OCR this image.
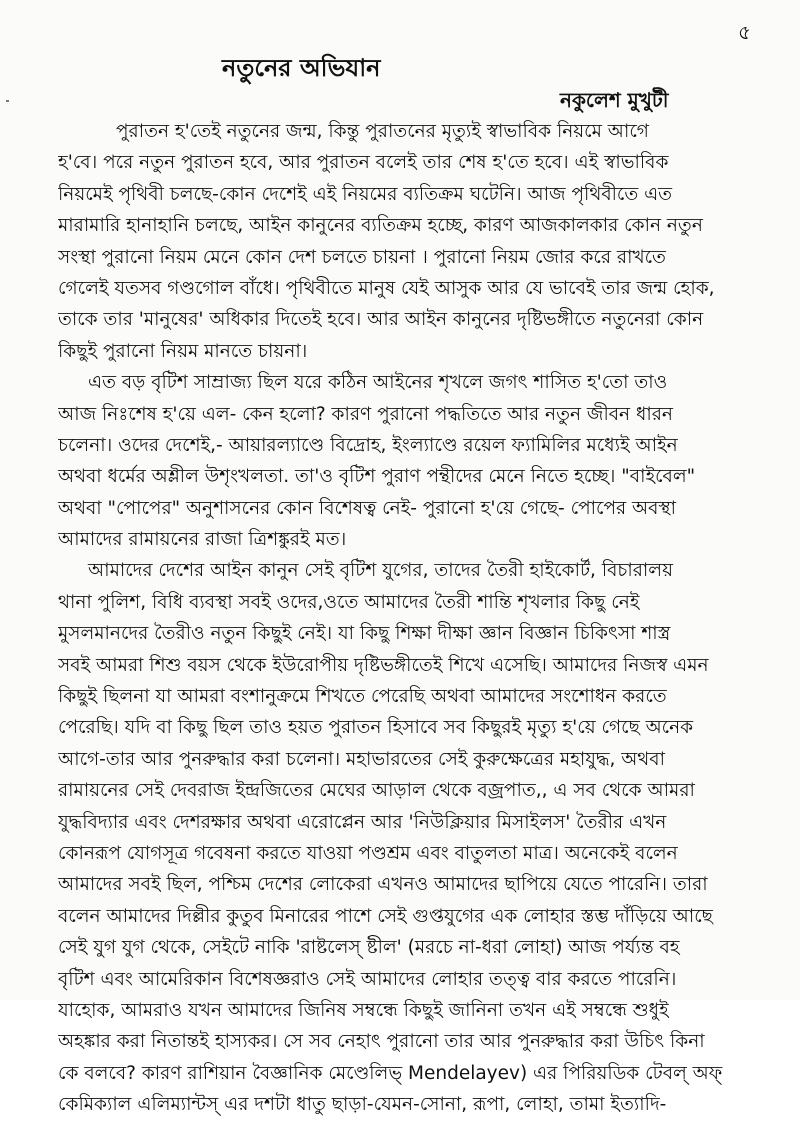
৫
নতুনের অভিযান
নকুলেশ মুখুটী
পুরাতন হ'তেই নতুনের জন্ম, কিন্তু পুরাতনের মৃত্যুই স্বাভাবিক নিয়মে আগে
হ'বে। পরে নতুন পুরাতন হবে, আর পুরাতন বলেই তার শেষ হ'তে হবে। এই স্বাভাবিক
নিয়মেই পৃথিবী চলছে-কোন দেশেই এই নিয়মের ব্যতিক্রম ঘটেনি। আজ পৃথিবীতে এত
মারামারি হানাহানি চলছে, আইন কানুনের ব্যতিক্রম হচ্ছে, কারণ আজকালকার কোন নতুন
সংস্থা পুরানো নিয়ম মেনে কোন দেশ চলতে চায়না । পুরানো নিয়ম জোর করে রাখতে
গেলেই যতসব গণ্ডগোল বাঁধে। পৃথিবীতে মানুষ যেই আসুক আর যে ভাবেই তার জন্ম হোক,
তাকে তার 'মানুষের' অধিকার দিতেই হবে। আর আইন কানুনের দৃষ্টিভঙ্গীতে নতুনেরা কোন
কিছুই পুরানো নিয়ম মানতে চায়না।
এত বড় বৃটিশ সাম্রাজ্য ছিল যরে কঠিন আইনের শৃখলে জগৎ শাসিত হ'তো তাও
আজ নিঃশেষ হ'য়ে এল- কেন হলো? কারণ পুরানো পদ্ধতিতে আর নতুন জীবন ধারন
চলেনা। ওদের দেশেই,- আয়ারল্যাণ্ডে বিদ্রোহ, ইংল্যাণ্ডে রয়েল ফ্যামিলির মধ্যেই আইন
অথবা ধর্মের অশ্লীল উশৃংখলতা. তা'ও বৃটিশ পুরাণ পন্থীদের মেনে নিতে হচ্ছে। "বাইবেল"
অথবা "পোপের" অনুশাসনের কোন বিশেষত্ব নেই- পুরানো হ'য়ে গেছে- পোপের অবস্থা
আমাদের রামায়নের রাজা ত্রিশঙ্কুরই মত।
আমাদের দেশের আইন কানুন সেই বৃটিশ যুগের, তাদের তৈরী হাইকোর্ট, বিচারালয়
থানা পুলিশ, বিধি ব্যবস্থা সবই ওদের,ওতে আমাদের তৈরী শান্তি শৃখলার কিছু নেই
মুসলমানদের তৈরীও নতুন কিছুই নেই। যা কিছু শিক্ষা দীক্ষা জ্ঞান বিজ্ঞান চিকিৎসা শাস্ত্র
সবই আমরা শিশু বয়স থেকে ইউরোপীয় দৃষ্টিভঙ্গীতেই শিখে এসেছি। আমাদের নিজস্ব এমন
কিছুই ছিলনা যা আমরা বংশানুক্রমে শিখতে পেরেছি অথবা আমাদের সংশোধন করতে
পেরেছি। যদি বা কিছু ছিল তাও হয়ত পুরাতন হিসাবে সব কিছুরই মৃত্যু হ'য়ে গেছে অনেক
আগে-তার আর পুনরুদ্ধার করা চলেনা। মহাভারতের সেই কুরুক্ষেত্রের মহাযুদ্ধ, অথবা
রামায়নের সেই দেবরাজ ইন্দ্রজিতের মেঘের আড়াল থেকে বজ্রপাত,, এ সব থেকে আমরা
যুদ্ধবিদ্যার এবং দেশরক্ষার অথবা এরোপ্লেন আর 'নিউক্লিয়ার মিসাইলস' তৈরীর এখন
কোনরূপ যোগসূত্র গবেষনা করতে যাওয়া পণ্ডশ্রম এবং বাতুলতা মাত্র। অনেকেই বলেন
আমাদের সবই ছিল, পশ্চিম দেশের লোকেরা এখনও আমাদের ছাপিয়ে যেতে পারেনি। তারা
বলেন আমাদের দিল্লীর কুতুব মিনারের পাশে সেই গুপ্তযুগের এক লোহার স্তম্ভ দাঁড়িয়ে আছে
সেই যুগ যুগ থেকে, সেইটে নাকি 'রাষ্টলেস্ ষ্টীল' (মরচে না-ধরা লোহা) আজ পর্য্যন্ত বহ
বৃটিশ এবং আমেরিকান বিশেষজ্ঞরাও সেই আমাদের লোহার তত্ত্ব বার করতে পারেনি।
যাহোক, আমরাও যখন আমাদের জিনিষ সম্বন্ধে কিছুই জানিনা তখন এই সম্বন্ধে শুধুই
অহঙ্কার করা নিতান্তই হাস্যকর। সে সব নেহাৎ পুরানো তার আর পুনরুদ্ধার করা উচিৎ কিনা
কে বলবে? কারণ রাশিয়ান বৈজ্ঞানিক মেণ্ডেলিভ্ Mendelayev) এর পিরিয়ডিক টেবল্ অফ্
কেমিক্যাল এলিম্যান্টস্ এর দশটা ধাতু ছাড়া-যেমন-সোনা, রূপা, লোহা, তামা ইত্যাদি-
